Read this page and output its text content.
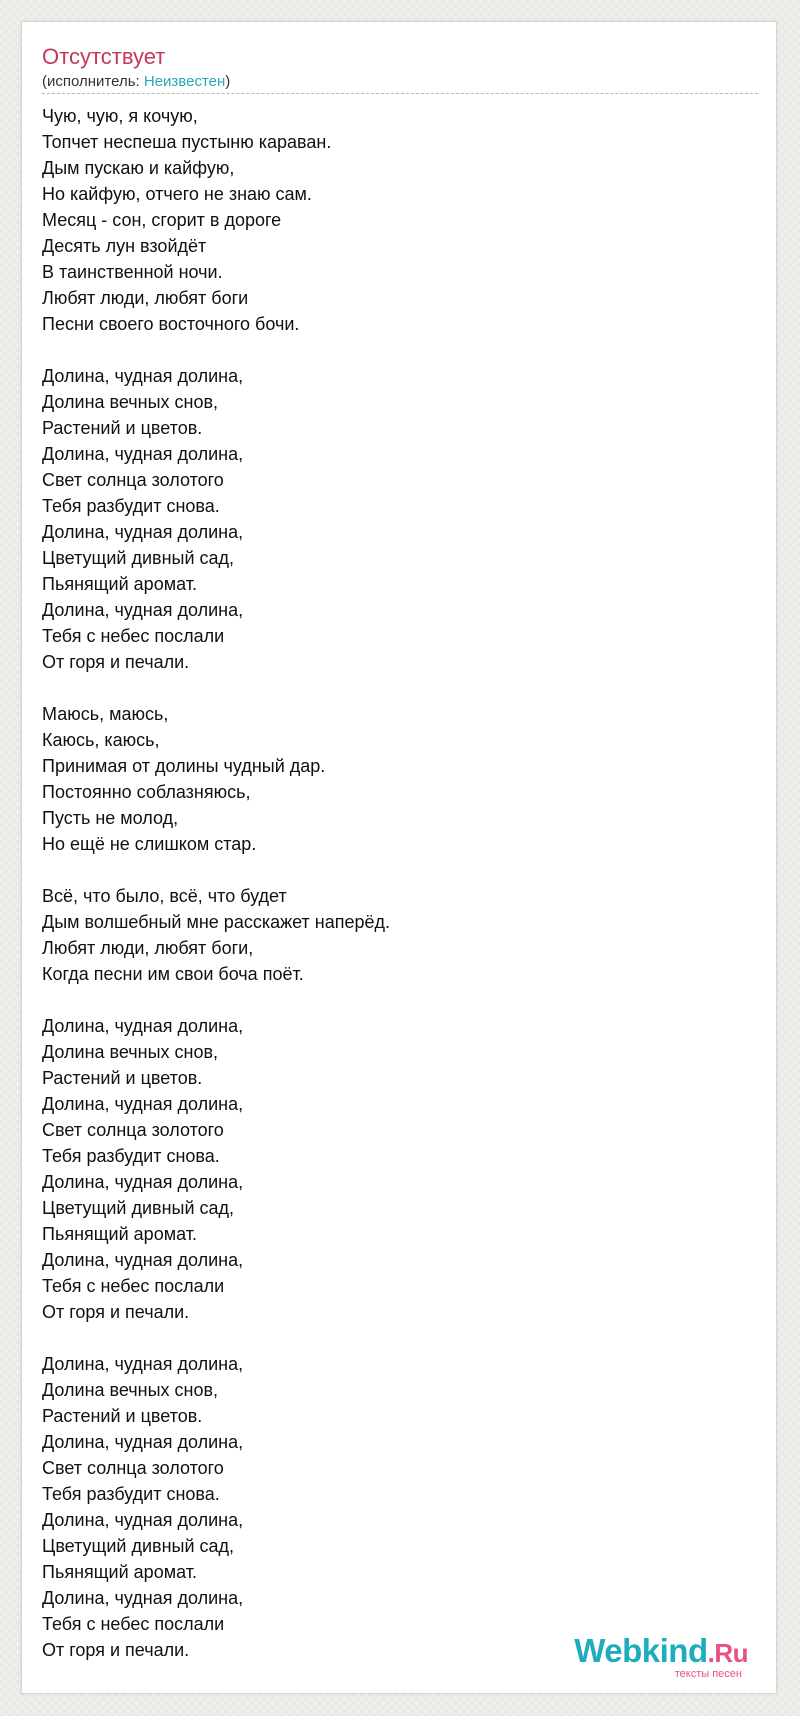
Отсутствует
(исполнитель: Неизвестен)
Чую, чую, я кочую,
Топчет неспеша пустыню караван.
Дым пускаю и кайфую,
Но кайфую, отчего не знаю сам.
Месяц - сон, сгорит в дороге
Десять лун взойдёт
В таинственной ночи.
Любят люди, любят боги
Песни своего восточного бочи.
Долина, чудная долина,
Долина вечных снов,
Растений и цветов.
Долина, чудная долина,
Свет солнца золотого
Тебя разбудит снова.
Долина, чудная долина,
Цветущий дивный сад,
Пьянящий аромат.
Долина, чудная долина,
Тебя с небес послали
От горя и печали.
Маюсь, маюсь,
Каюсь, каюсь,
Принимая от долины чудный дар.
Постоянно соблазняюсь,
Пусть не молод,
Но ещё не слишком стар.
Всё, что было, всё, что будет
Дым волшебный мне расскажет наперёд.
Любят люди, любят боги,
Когда песни им свои боча поёт.
Долина, чудная долина,
Долина вечных снов,
Растений и цветов.
Долина, чудная долина,
Свет солнца золотого
Тебя разбудит снова.
Долина, чудная долина,
Цветущий дивный сад,
Пьянящий аромат.
Долина, чудная долина,
Тебя с небес послали
От горя и печали.
Долина, чудная долина,
Долина вечных снов,
Растений и цветов.
Долина, чудная долина,
Свет солнца золотого
Тебя разбудит снова.
Долина, чудная долина,
Цветущий дивный сад,
Пьянящий аромат.
Долина, чудная долина,
Тебя с небес послали
От горя и печали.	Webkind.Ru
тексты песен
